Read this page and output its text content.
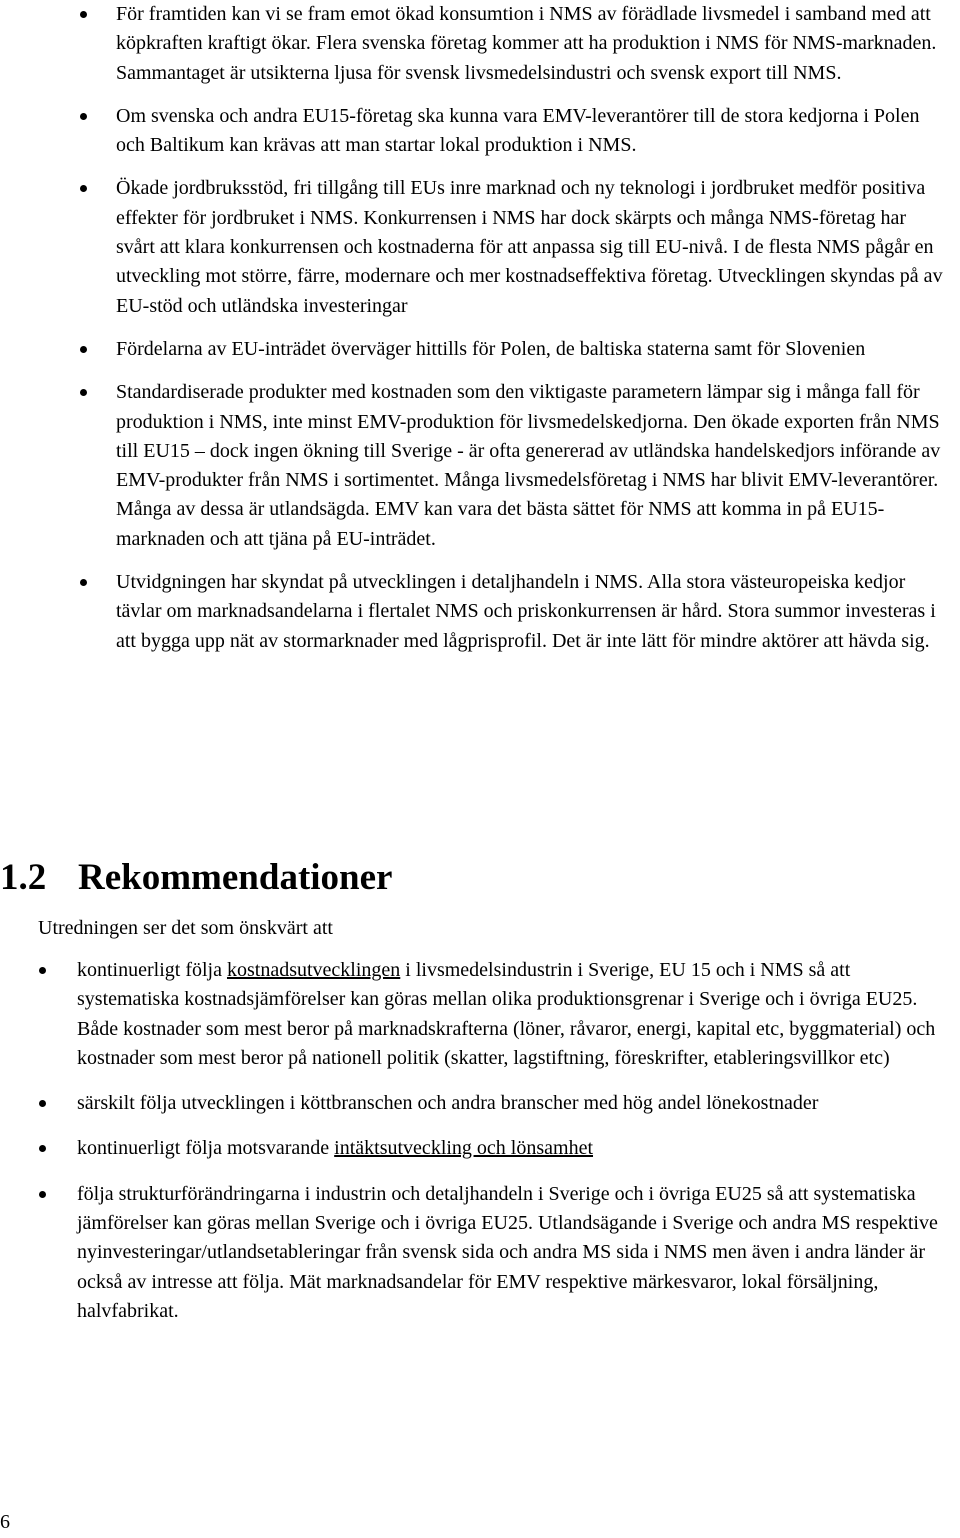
För framtiden kan vi se fram emot ökad konsumtion i NMS av förädlade livsmedel i samband med att köpkraften kraftigt ökar. Flera svenska företag kommer att ha produktion i NMS för NMS-marknaden. Sammantaget är utsikterna ljusa för svensk livsmedelsindustri och svensk export till NMS.
Om svenska och andra EU15-företag ska kunna vara EMV-leverantörer till de stora kedjorna i Polen och Baltikum kan krävas att man startar lokal produktion i NMS.
Ökade jordbruksstöd, fri tillgång till EUs inre marknad och ny teknologi i jordbruket medför positiva effekter för jordbruket i NMS. Konkurrensen i NMS har dock skärpts och många NMS-företag har svårt att klara konkurrensen och kostnaderna för att anpassa sig till EU-nivå. I de flesta NMS pågår en utveckling mot större, färre, modernare och mer kostnadseffektiva företag. Utvecklingen skyndas på av EU-stöd och utländska investeringar
Fördelarna av EU-inträdet överväger hittills för Polen, de baltiska staterna samt för Slovenien
Standardiserade produkter med kostnaden som den viktigaste parametern lämpar sig i många fall för produktion i NMS, inte minst EMV-produktion för livsmedelskedjorna. Den ökade exporten från NMS till EU15 – dock ingen ökning till Sverige - är ofta genererad av utländska handelskedjors införande av EMV-produkter från NMS i sortimentet. Många livsmedelsföretag i NMS har blivit EMV-leverantörer. Många av dessa är utlandsägda. EMV kan vara det bästa sättet för NMS att komma in på EU15-marknaden och att tjäna på EU-inträdet.
Utvidgningen har skyndat på utvecklingen i detaljhandeln i NMS. Alla stora västeuropeiska kedjor tävlar om marknadsandelarna i flertalet NMS och priskonkurrensen är hård. Stora summor investeras i att bygga upp nät av stormarknader med lågprisprofil. Det är inte lätt för mindre aktörer att hävda sig.
1.2 Rekommendationer
Utredningen ser det som önskvärt att
kontinuerligt följa kostnadsutvecklingen i livsmedelsindustrin i Sverige, EU 15 och i NMS så att systematiska kostnadsjämförelser kan göras mellan olika produktionsgrenar i Sverige och i övriga EU25. Både kostnader som mest beror på marknadskrafterna (löner, råvaror, energi, kapital etc, byggmaterial) och kostnader som mest beror på nationell politik (skatter, lagstiftning, föreskrifter, etableringsvillkor etc)
särskilt följa utvecklingen i köttbranschen och andra branscher med hög andel lönekostnader
kontinuerligt följa motsvarande intäktsutveckling och lönsamhet
följa strukturförändringarna i industrin och detaljhandeln i Sverige och i övriga EU25 så att systematiska jämförelser kan göras mellan Sverige och i övriga EU25. Utlandsägande i Sverige och andra MS respektive nyinvesteringar/utlandsetableringar från svensk sida och andra MS sida i NMS men även i andra länder är också av intresse att följa. Mät marknadsandelar för EMV respektive märkesvaror, lokal försäljning, halvfabrikat.
6
